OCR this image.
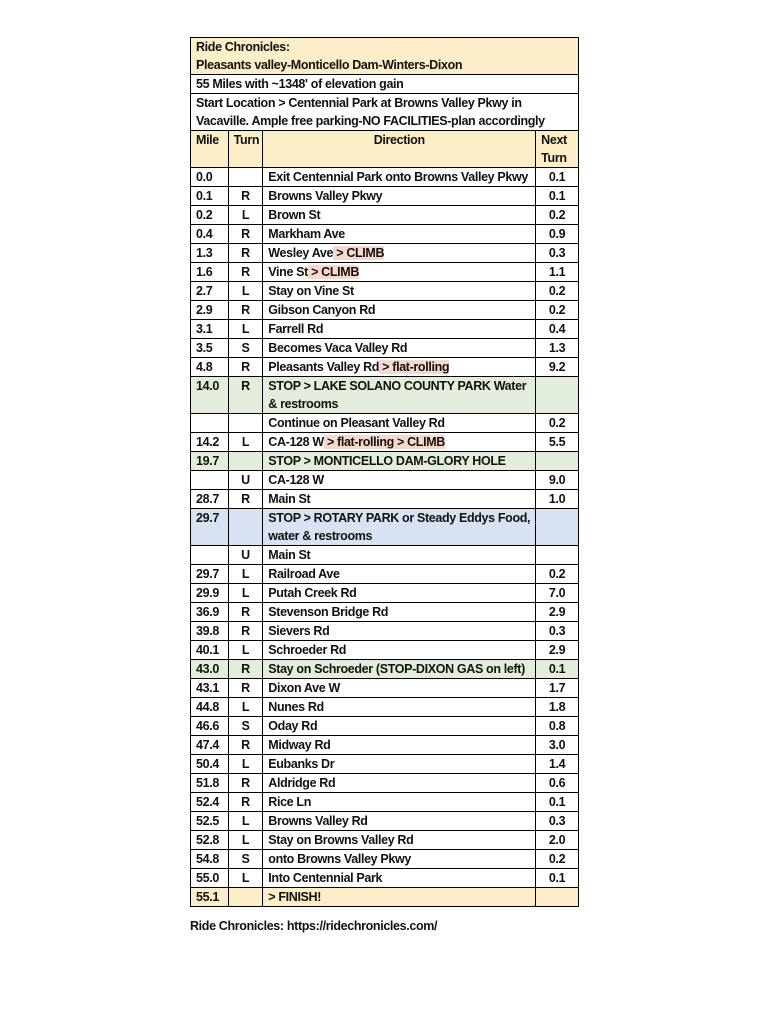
Ride Chronicles:
Pleasants valley-Monticello Dam-Winters-Dixon			

55 Miles with ~1348' of elevation gain			
Start Location > Centennial Park at Browns Valley Pkwy in Vacaville. Ample free parking-NO FACILITIES-plan accordingly			
Mile	Turn	Direction	Next Turn
0.0		Exit Centennial Park onto Browns Valley Pkwy	0.1
0.1	R	Browns Valley Pkwy	0.1
0.2	L	Brown St	0.2
0.4	R	Markham Ave	0.9
1.3	R	Wesley Ave > CLIMB	0.3
1.6	R	Vine St > CLIMB	1.1
2.7	L	Stay on Vine St	0.2
2.9	R	Gibson Canyon Rd	0.2
3.1	L	Farrell Rd	0.4
3.5	S	Becomes Vaca Valley Rd	1.3
4.8	R	Pleasants Valley Rd > flat-rolling	9.2
14.0	R	STOP > LAKE SOLANO COUNTY PARK Water & restrooms	
		Continue on Pleasant Valley Rd	0.2
14.2	L	CA-128 W > flat-rolling > CLIMB	5.5
19.7		STOP > MONTICELLO DAM-GLORY HOLE	
	U	CA-128 W	9.0
28.7	R	Main St	1.0
29.7		STOP > ROTARY PARK or Steady Eddys Food, water & restrooms	
	U	Main St	
29.7	L	Railroad Ave	0.2
29.9	L	Putah Creek Rd	7.0
36.9	R	Stevenson Bridge Rd	2.9
39.8	R	Sievers Rd	0.3
40.1	L	Schroeder Rd	2.9
43.0	R	Stay on Schroeder (STOP-DIXON GAS on left)	0.1
43.1	R	Dixon Ave W	1.7
44.8	L	Nunes Rd	1.8
46.6	S	Oday Rd	0.8
47.4	R	Midway Rd	3.0
50.4	L	Eubanks Dr	1.4
51.8	R	Aldridge Rd	0.6
52.4	R	Rice Ln	0.1
52.5	L	Browns Valley Rd	0.3
52.8	L	Stay on Browns Valley Rd	2.0
54.8	S	onto Browns Valley Pkwy	0.2
55.0	L	Into Centennial Park	0.1
55.1		> FINISH!	
Ride Chronicles: https://ridechronicles.com/
